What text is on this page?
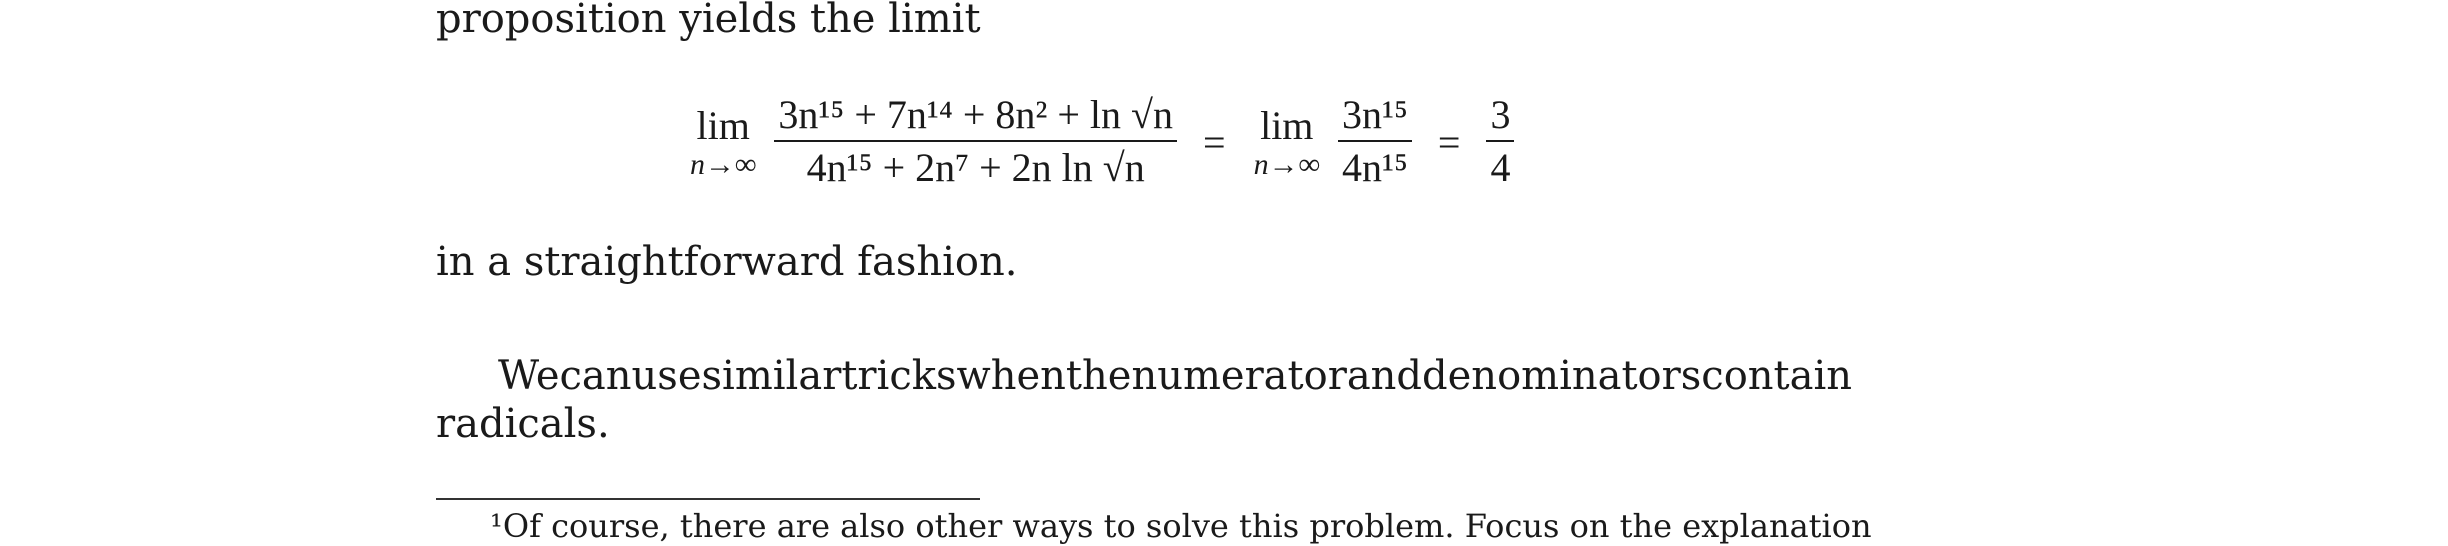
proposition yields the limit

lim
$n\to\infty \frac{\text{3n¹⁵ + 7n¹⁴ + 8n² + ln √n}}{\text{4n¹⁵ + 2n⁷ + 2n ln √n}} = \lim$
$n\to\infty \frac{\text{3n¹⁵}}{\text{4n¹⁵}} = \frac{3}{4}$

in a straightforward fashion.

We can use similar tricks when the numerator and denominators contain

radicals.

¹Of course, there are also other ways to solve this problem. Focus on the explanation
